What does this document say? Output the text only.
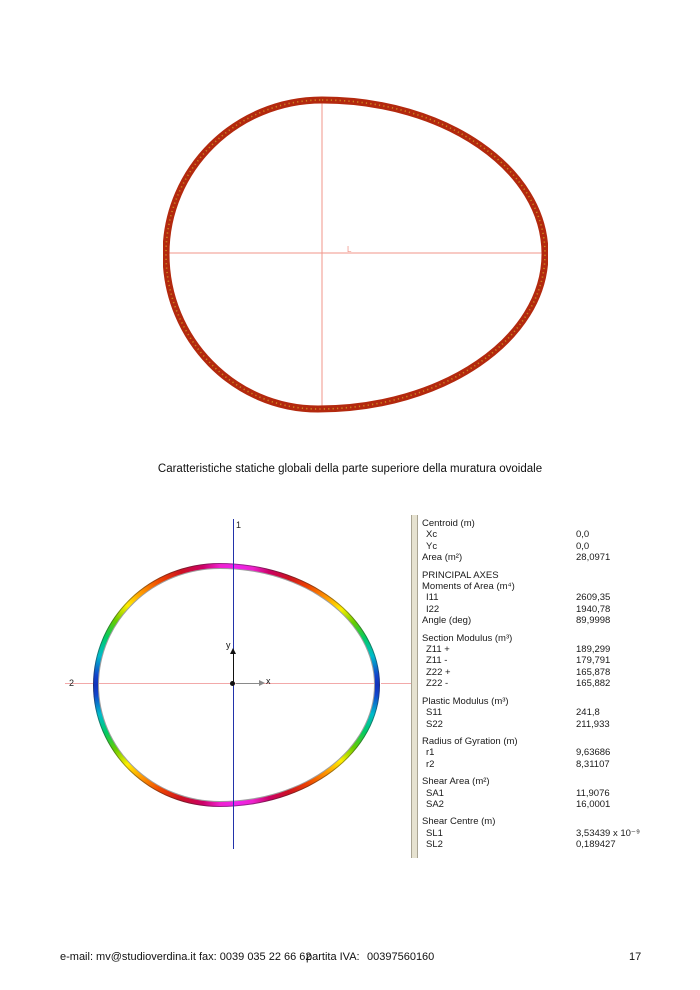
L
Caratteristiche statiche globali della parte superiore della muratura ovoidale
1
2
y
x
Centroid (m)
Xc	0,0
Yc	0,0
Area (m²)	28,0971
PRINCIPAL AXES
Moments of Area (m⁴)
I11	2609,35
I22	1940,78
Angle (deg)	89,9998
Section Modulus (m³)
Z11 +	189,299
Z11 -	179,791
Z22 +	165,878
Z22 -	165,882
Plastic Modulus (m³)
S11	241,8
S22	211,933
Radius of Gyration (m)
r1	9,63686
r2	8,31107
Shear Area (m²)
SA1	11,9076
SA2	16,0001
Shear Centre (m)
SL1	3,53439 x 10⁻⁹
SL2	0,189427
e-mail: mv@studioverdina.it fax: 0039 035 22 66 62
partita IVA: 00397560160	17
